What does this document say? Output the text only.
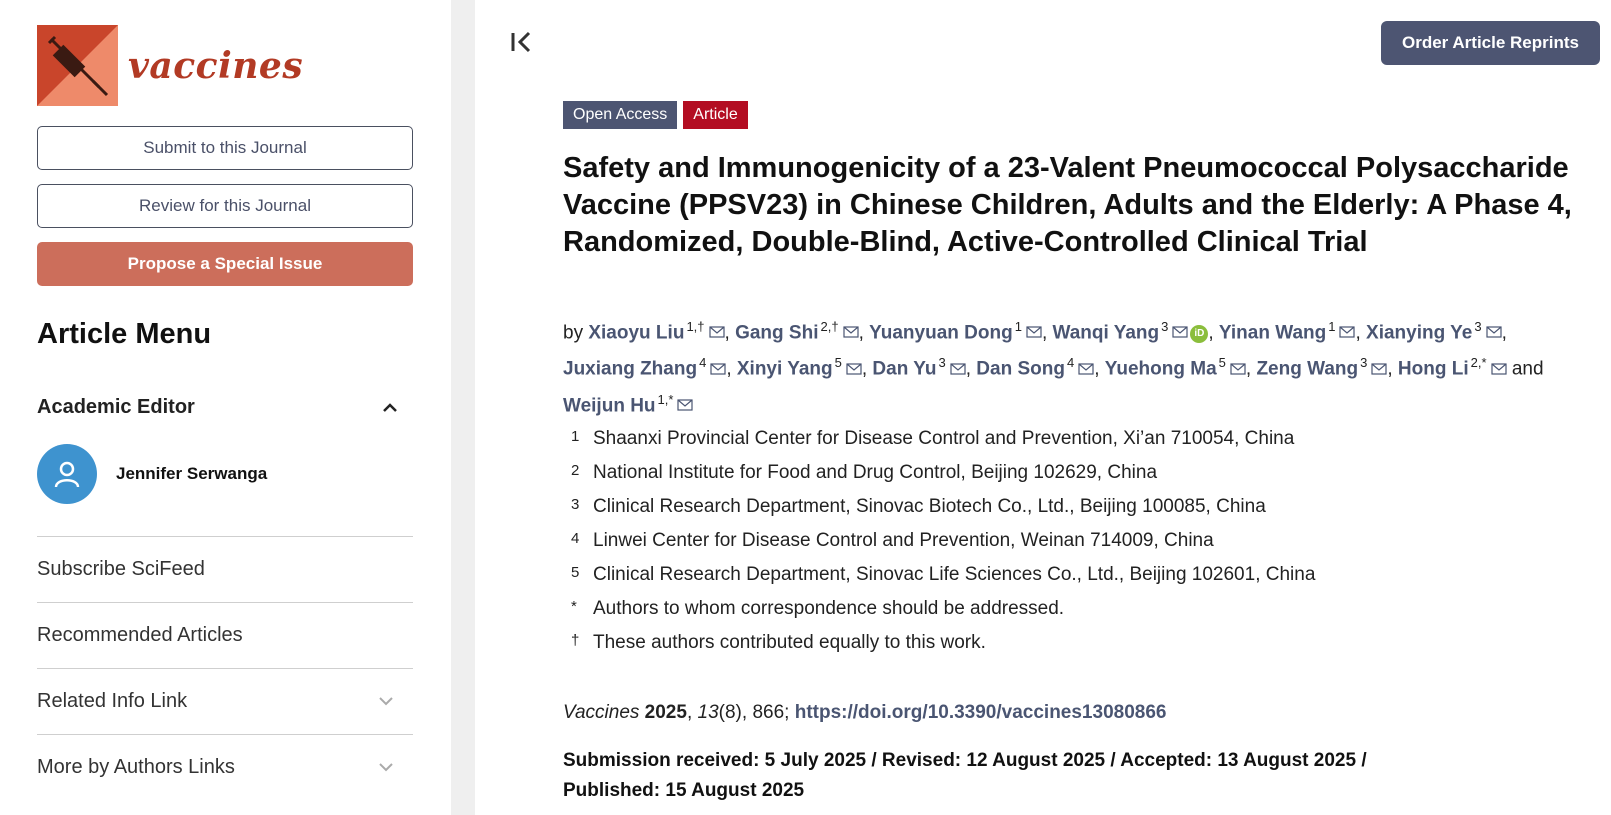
vaccines
Submit to this Journal
Review for this Journal
Propose a Special Issue
Article Menu
Academic Editor
Jennifer Serwanga
Subscribe SciFeed
Recommended Articles
Related Info Link
More by Authors Links
Order Article Reprints
Open Access	Article
Safety and Immunogenicity of a 23-Valent Pneumococcal Polysaccharide Vaccine (PPSV23) in Chinese Children, Adults and the Elderly: A Phase 4, Randomized, Double-Blind, Active-Controlled Clinical Trial
by Xiaoyu Liu $^{1,\dagger}$ , Gang Shi $^{2,\dagger}$ , Yuanyuan Dong $^1$ , Wanqi Yang $^3$	iD , Yinan Wang $^1$ , Xianying Ye $^3$ , Juxiang Zhang $^4$ , Xinyi Yang $^5$ , Dan Yu $^3$ , Dan Song $^4$ , Yuehong Ma $^5$ , Zeng Wang $^3$ , Hong Li $^{2,*}$ and Weijun Hu $^{1,*}$
1 Shaanxi Provincial Center for Disease Control and Prevention, Xi’an 710054, China
2 National Institute for Food and Drug Control, Beijing 102629, China
3 Clinical Research Department, Sinovac Biotech Co., Ltd., Beijing 100085, China
4 Linwei Center for Disease Control and Prevention, Weinan 714009, China
5 Clinical Research Department, Sinovac Life Sciences Co., Ltd., Beijing 102601, China
* Authors to whom correspondence should be addressed.
† These authors contributed equally to this work.
Vaccines 2025, 13(8), 866; https://doi.org/10.3390/vaccines13080866
Submission received: 5 July 2025 / Revised: 12 August 2025 / Accepted: 13 August 2025 / Published: 15 August 2025
